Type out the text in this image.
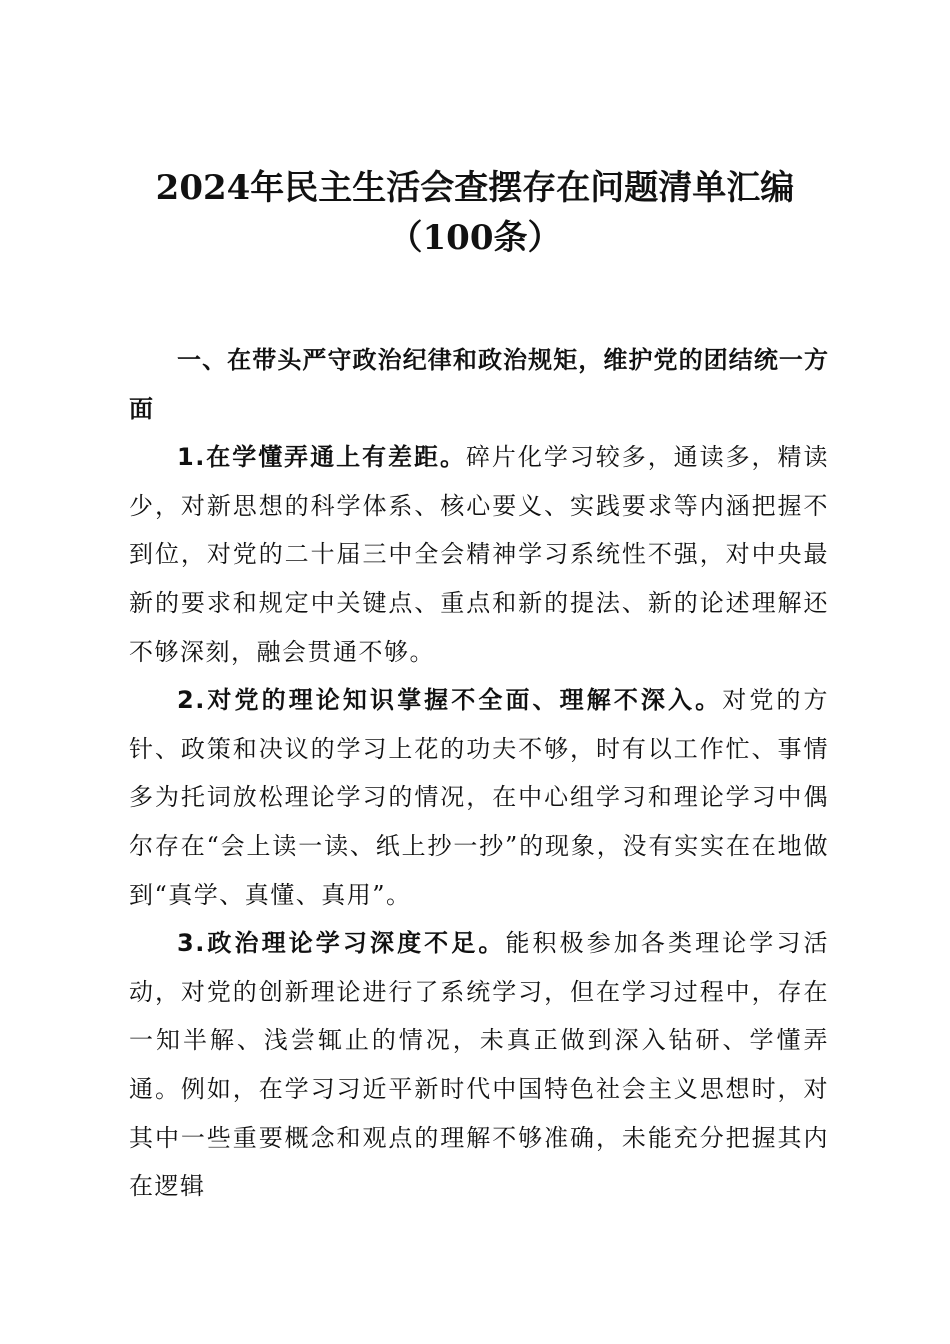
2024年民主生活会查摆存在问题清单汇编
（100条）

一、在带头严守政治纪律和政治规矩，维护党的团结统一方面

1.在学懂弄通上有差距。碎片化学习较多，通读多，精读少，对新思想的科学体系、核心要义、实践要求等内涵把握不到位，对党的二十届三中全会精神学习系统性不强，对中央最新的要求和规定中关键点、重点和新的提法、新的论述理解还不够深刻，融会贯通不够。

2.对党的理论知识掌握不全面、理解不深入。对党的方针、政策和决议的学习上花的功夫不够，时有以工作忙、事情多为托词放松理论学习的情况，在中心组学习和理论学习中偶尔存在“会上读一读、纸上抄一抄”的现象，没有实实在在地做到“真学、真懂、真用”。

3.政治理论学习深度不足。能积极参加各类理论学习活动，对党的创新理论进行了系统学习，但在学习过程中，存在一知半解、浅尝辄止的情况，未真正做到深入钻研、学懂弄通。例如，在学习习近平新时代中国特色社会主义思想时，对其中一些重要概念和观点的理解不够准确，未能充分把握其内在逻辑
